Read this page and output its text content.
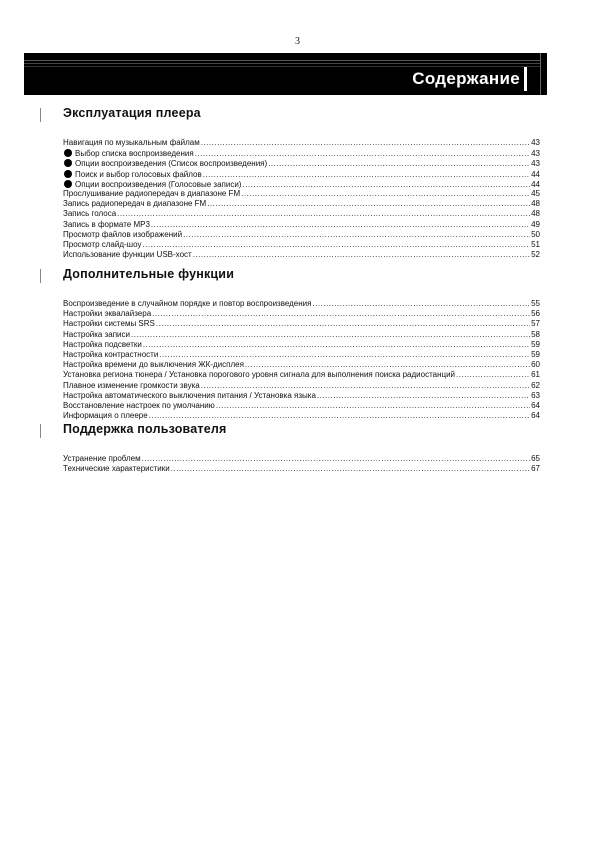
3
Содержание
Эксплуатация плеера
Навигация по музыкальным файлам .....	43
Выбор списка воспроизведения .....	43
Опции воспроизведения (Список воспроизведения) .....	43
Поиск и выбор голосовых файлов .....	44
Опции воспроизведения (Голосовые записи) .....	44
Прослушивание радиопередач в диапазоне FM .....	45
Запись радиопередач в диапазоне FM .....	48
Запись голоса .....	48
Запись в формате MP3 .....	49
Просмотр файлов изображений .....	50
Просмотр слайд-шоу .....	51
Использование функции USB-хост .....	52
Дополнительные функции
Воспроизведение в случайном порядке и повтор воспроизведения .....	55
Настройки эквалайзера .....	56
Настройки системы SRS .....	57
Настройка записи .....	58
Настройка подсветки .....	59
Настройка контрастности .....	59
Настройка времени до выключения ЖК-дисплея .....	60
Установка региона тюнера / Установка порогового уровня сигнала для выполнения поиска радиостанций .....	61
Плавное изменение громкости звука .....	62
Настройка автоматического выключения питания / Установка языка .....	63
Восстановление настроек по умолчанию .....	64
Информация о плеере .....	64
Поддержка пользователя
Устранение проблем .....	65
Технические характеристики .....	67
